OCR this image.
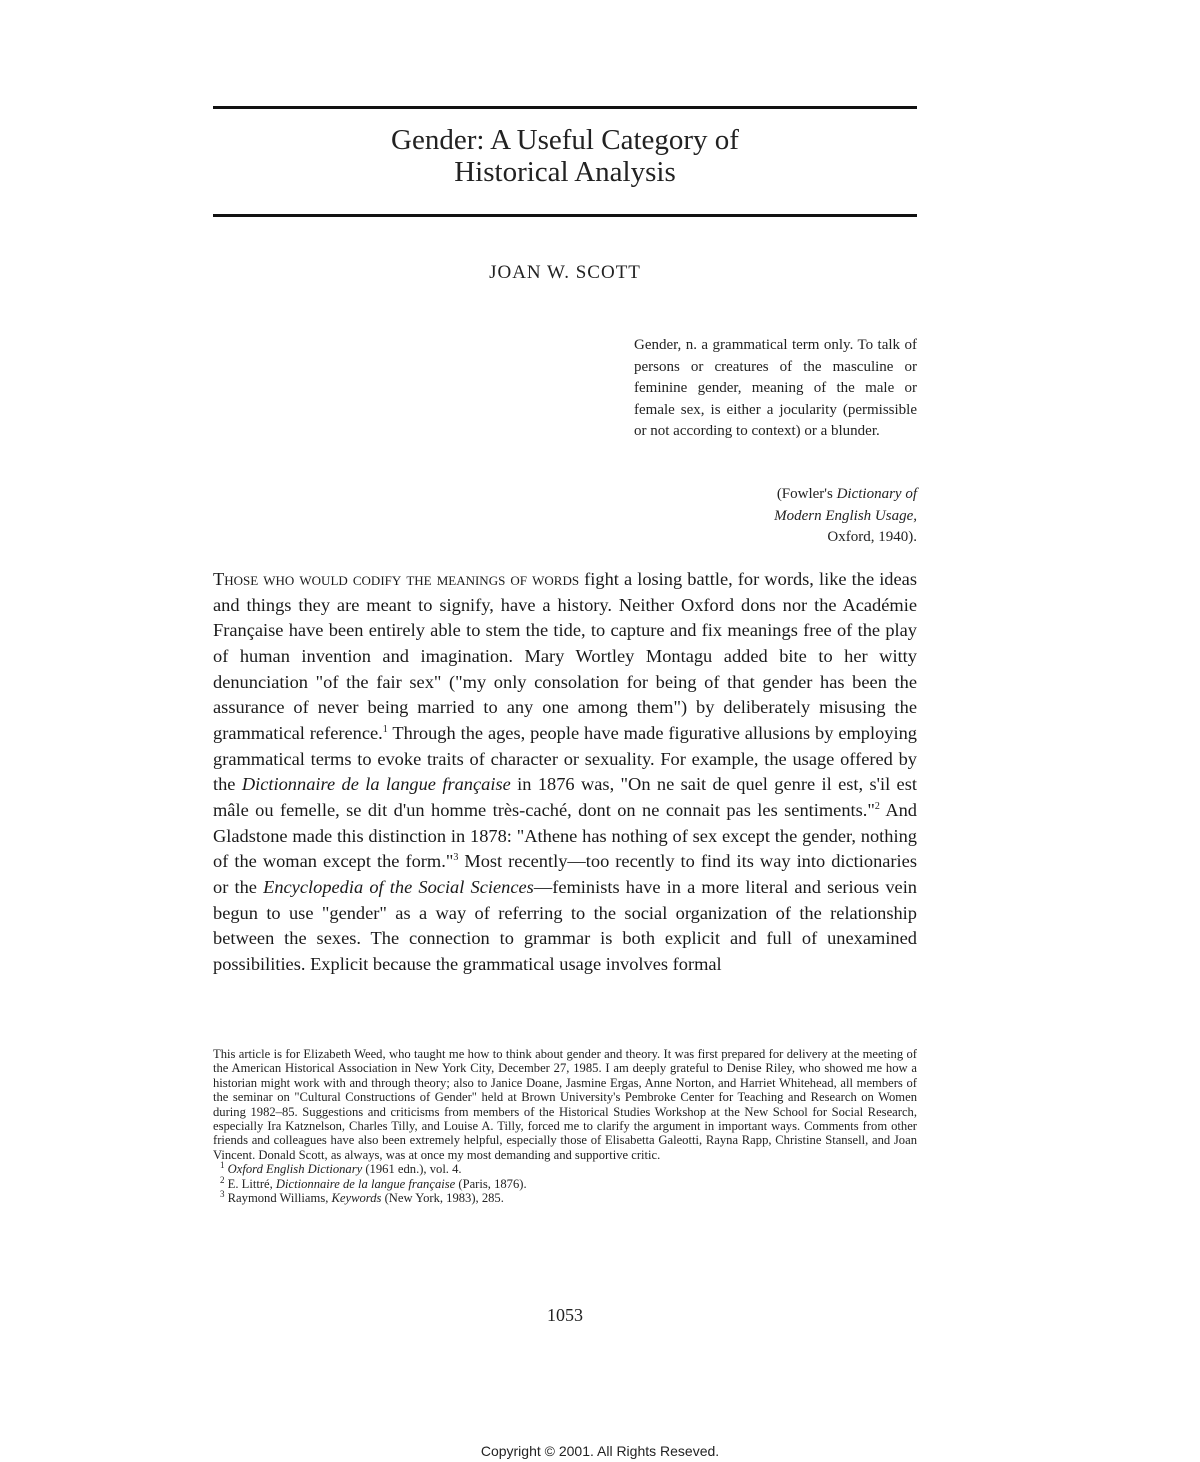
Gender: A Useful Category of
Historical Analysis
JOAN W. SCOTT
Gender, n. a grammatical term only. To talk of persons or creatures of the masculine or feminine gender, meaning of the male or female sex, is either a jocularity (permissible or not according to context) or a blunder.
(Fowler's Dictionary of
Modern English Usage,
Oxford, 1940).
Those who would codify the meanings of words fight a losing battle, for words, like the ideas and things they are meant to signify, have a history. Neither Oxford dons nor the Académie Française have been entirely able to stem the tide, to capture and fix meanings free of the play of human invention and imagination. Mary Wortley Montagu added bite to her witty denunciation "of the fair sex" ("my only consolation for being of that gender has been the assurance of never being married to any one among them") by deliberately misusing the grammatical reference.$^1$ Through the ages, people have made figurative allusions by employing grammatical terms to evoke traits of character or sexuality. For example, the usage offered by the Dictionnaire de la langue française in 1876 was, "On ne sait de quel genre il est, s'il est mâle ou femelle, se dit d'un homme très-caché, dont on ne connait pas les sentiments."$^2$ And Gladstone made this distinction in 1878: "Athene has nothing of sex except the gender, nothing of the woman except the form."$^3$ Most recently—too recently to find its way into dictionaries or the Encyclopedia of the Social Sciences—feminists have in a more literal and serious vein begun to use "gender" as a way of referring to the social organization of the relationship between the sexes. The connection to grammar is both explicit and full of unexamined possibilities. Explicit because the grammatical usage involves formal
This article is for Elizabeth Weed, who taught me how to think about gender and theory. It was first prepared for delivery at the meeting of the American Historical Association in New York City, December 27, 1985. I am deeply grateful to Denise Riley, who showed me how a historian might work with and through theory; also to Janice Doane, Jasmine Ergas, Anne Norton, and Harriet Whitehead, all members of the seminar on "Cultural Constructions of Gender" held at Brown University's Pembroke Center for Teaching and Research on Women during 1982–85. Suggestions and criticisms from members of the Historical Studies Workshop at the New School for Social Research, especially Ira Katznelson, Charles Tilly, and Louise A. Tilly, forced me to clarify the argument in important ways. Comments from other friends and colleagues have also been extremely helpful, especially those of Elisabetta Galeotti, Rayna Rapp, Christine Stansell, and Joan Vincent. Donald Scott, as always, was at once my most demanding and supportive critic.

$^1$ Oxford English Dictionary (1961 edn.), vol. 4.

$^2$ E. Littré, Dictionnaire de la langue française (Paris, 1876).

$^3$ Raymond Williams, Keywords (New York, 1983), 285.

1053
Copyright © 2001. All Rights Reseved.
